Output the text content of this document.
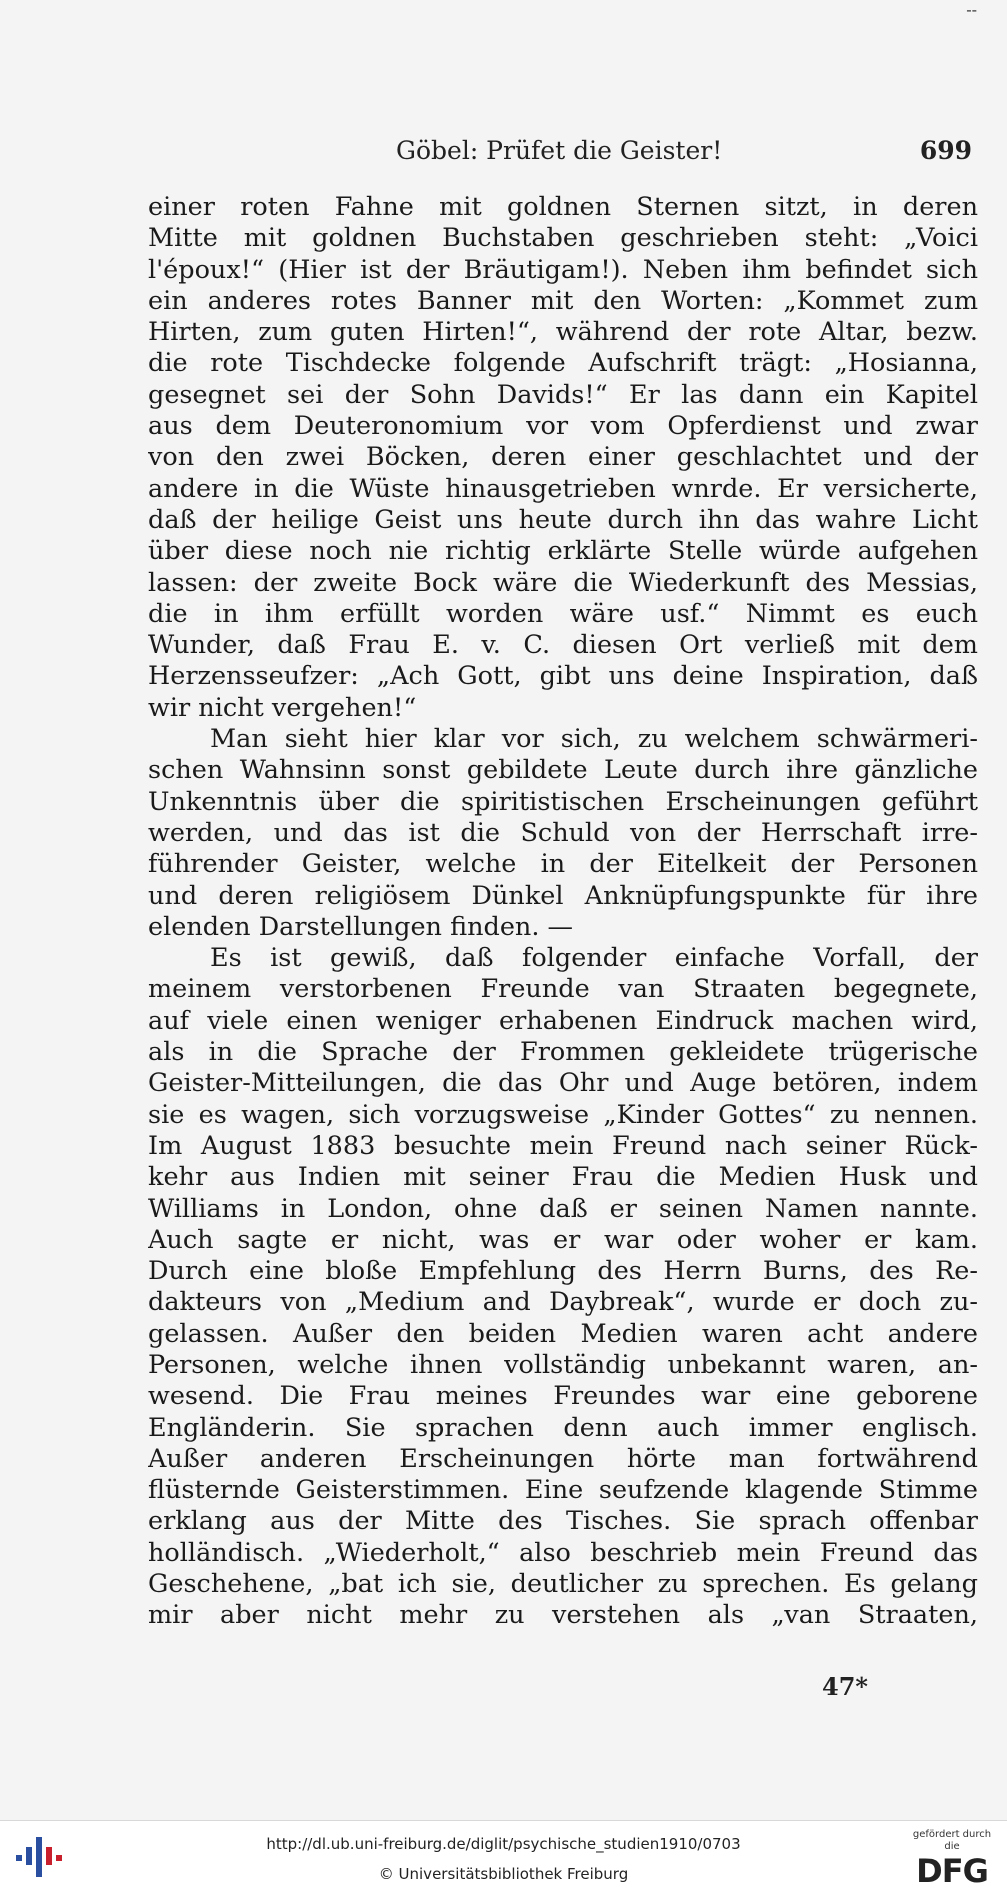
--
Göbel: Prüfet die Geister!	699
einer roten Fahne mit goldnen Sternen sitzt, in deren
Mitte mit goldnen Buchstaben geschrieben steht: „Voici
l'époux!“ (Hier ist der Bräutigam!). Neben ihm befindet sich
ein anderes rotes Banner mit den Worten: „Kommet zum
Hirten, zum guten Hirten!“, während der rote Altar, bezw.
die rote Tischdecke folgende Aufschrift trägt: „Hosianna,
gesegnet sei der Sohn Davids!“ Er las dann ein Kapitel
aus dem Deuteronomium vor vom Opferdienst und zwar
von den zwei Böcken, deren einer geschlachtet und der
andere in die Wüste hinausgetrieben wnrde. Er versicherte,
daß der heilige Geist uns heute durch ihn das wahre Licht
über diese noch nie richtig erklärte Stelle würde aufgehen
lassen: der zweite Bock wäre die Wiederkunft des Messias,
die in ihm erfüllt worden wäre usf.“ Nimmt es euch
Wunder, daß Frau E. v. C. diesen Ort verließ mit dem
Herzensseufzer: „Ach Gott, gibt uns deine Inspiration, daß
wir nicht vergehen!“
Man sieht hier klar vor sich, zu welchem schwärmeri-
schen Wahnsinn sonst gebildete Leute durch ihre gänzliche
Unkenntnis über die spiritistischen Erscheinungen geführt
werden, und das ist die Schuld von der Herrschaft irre-
führender Geister, welche in der Eitelkeit der Personen
und deren religiösem Dünkel Anknüpfungspunkte für ihre
elenden Darstellungen finden. —
Es ist gewiß, daß folgender einfache Vorfall, der
meinem verstorbenen Freunde van Straaten begegnete,
auf viele einen weniger erhabenen Eindruck machen wird,
als in die Sprache der Frommen gekleidete trügerische
Geister-Mitteilungen, die das Ohr und Auge betören, indem
sie es wagen, sich vorzugsweise „Kinder Gottes“ zu nennen.
Im August 1883 besuchte mein Freund nach seiner Rück-
kehr aus Indien mit seiner Frau die Medien Husk und
Williams in London, ohne daß er seinen Namen nannte.
Auch sagte er nicht, was er war oder woher er kam.
Durch eine bloße Empfehlung des Herrn Burns, des Re-
dakteurs von „Medium and Daybreak“, wurde er doch zu-
gelassen. Außer den beiden Medien waren acht andere
Personen, welche ihnen vollständig unbekannt waren, an-
wesend. Die Frau meines Freundes war eine geborene
Engländerin. Sie sprachen denn auch immer englisch.
Außer anderen Erscheinungen hörte man fortwährend
flüsternde Geisterstimmen. Eine seufzende klagende Stimme
erklang aus der Mitte des Tisches. Sie sprach offenbar
holländisch. „Wiederholt,“ also beschrieb mein Freund das
Geschehene, „bat ich sie, deutlicher zu sprechen. Es gelang
mir aber nicht mehr zu verstehen als „van Straaten,
47*
http://dl.ub.uni-freiburg.de/diglit/psychische_studien1910/0703
© Universitätsbibliothek Freiburg
gefördert durch die
DFG
